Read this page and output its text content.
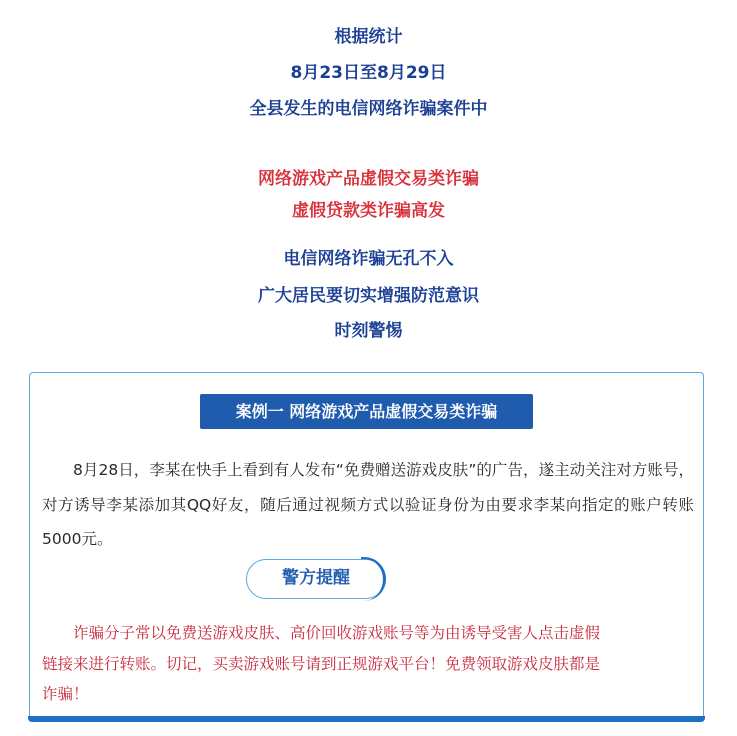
根据统计
8月23日至8月29日
全县发生的电信网络诈骗案件中
网络游戏产品虚假交易类诈骗
虚假贷款类诈骗高发
电信网络诈骗无孔不入
广大居民要切实增强防范意识
时刻警惕
案例一 网络游戏产品虚假交易类诈骗

8月28日，李某在快手上看到有人发布“免费赠送游戏皮肤”的广告，遂主动关注对方账号，对方诱导李某添加其QQ好友，随后通过视频方式以验证身份为由要求李某向指定的账户转账5000元。

警方提醒

诈骗分子常以免费送游戏皮肤、高价回收游戏账号等为由诱导受害人点击虚假链接来进行转账。切记，买卖游戏账号请到正规游戏平台！免费领取游戏皮肤都是诈骗！
